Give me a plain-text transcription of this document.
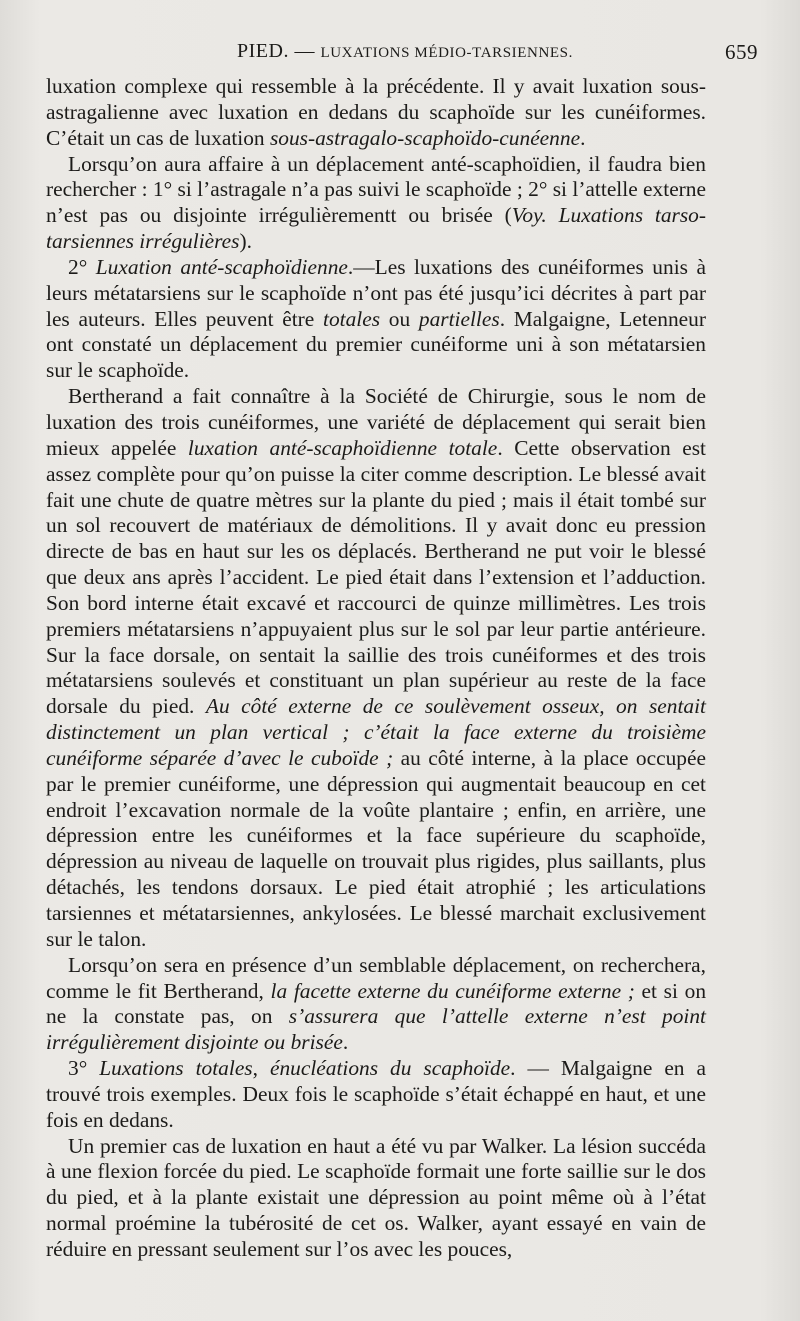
PIED. — LUXATIONS MÉDIO-TARSIENNES.	659

luxation complexe qui ressemble à la précédente. Il y avait luxation sous-astragalienne avec luxation en dedans du scaphoïde sur les cunéiformes. C’était un cas de luxation sous-astragalo-scaphoïdo-cunéenne.

Lorsqu’on aura affaire à un déplacement anté-scaphoïdien, il faudra bien rechercher : 1° si l’astragale n’a pas suivi le scaphoïde ; 2° si l’attelle externe n’est pas ou disjointe irrégulièrementt ou brisée (Voy. Luxations tarso-tarsiennes irrégulières).

2° Luxation anté-scaphoïdienne.—Les luxations des cunéiformes unis à leurs métatarsiens sur le scaphoïde n’ont pas été jusqu’ici décrites à part par les auteurs. Elles peuvent être totales ou partielles. Malgaigne, Letenneur ont constaté un déplacement du premier cunéiforme uni à son métatarsien sur le scaphoïde.

Bertherand a fait connaître à la Société de Chirurgie, sous le nom de luxation des trois cunéiformes, une variété de déplacement qui serait bien mieux appelée luxation anté-scaphoïdienne totale. Cette observation est assez complète pour qu’on puisse la citer comme description. Le blessé avait fait une chute de quatre mètres sur la plante du pied ; mais il était tombé sur un sol recouvert de matériaux de démolitions. Il y avait donc eu pression directe de bas en haut sur les os déplacés. Bertherand ne put voir le blessé que deux ans après l’accident. Le pied était dans l’extension et l’adduction. Son bord interne était excavé et raccourci de quinze millimètres. Les trois premiers métatarsiens n’appuyaient plus sur le sol par leur partie antérieure. Sur la face dorsale, on sentait la saillie des trois cunéiformes et des trois métatarsiens soulevés et constituant un plan supérieur au reste de la face dorsale du pied. Au côté externe de ce soulèvement osseux, on sentait distinctement un plan vertical ; c’était la face externe du troisième cunéiforme séparée d’avec le cuboïde ; au côté interne, à la place occupée par le premier cunéiforme, une dépression qui augmentait beaucoup en cet endroit l’excavation normale de la voûte plantaire ; enfin, en arrière, une dépression entre les cunéiformes et la face supérieure du scaphoïde, dépression au niveau de laquelle on trouvait plus rigides, plus saillants, plus détachés, les tendons dorsaux. Le pied était atrophié ; les articulations tarsiennes et métatarsiennes, ankylosées. Le blessé marchait exclusivement sur le talon.

Lorsqu’on sera en présence d’un semblable déplacement, on recherchera, comme le fit Bertherand, la facette externe du cunéiforme externe ; et si on ne la constate pas, on s’assurera que l’attelle externe n’est point irrégulièrement disjointe ou brisée.

3° Luxations totales, énucléations du scaphoïde. — Malgaigne en a trouvé trois exemples. Deux fois le scaphoïde s’était échappé en haut, et une fois en dedans.

Un premier cas de luxation en haut a été vu par Walker. La lésion succéda à une flexion forcée du pied. Le scaphoïde formait une forte saillie sur le dos du pied, et à la plante existait une dépression au point même où à l’état normal proémine la tubérosité de cet os. Walker, ayant essayé en vain de réduire en pressant seulement sur l’os avec les pouces,
